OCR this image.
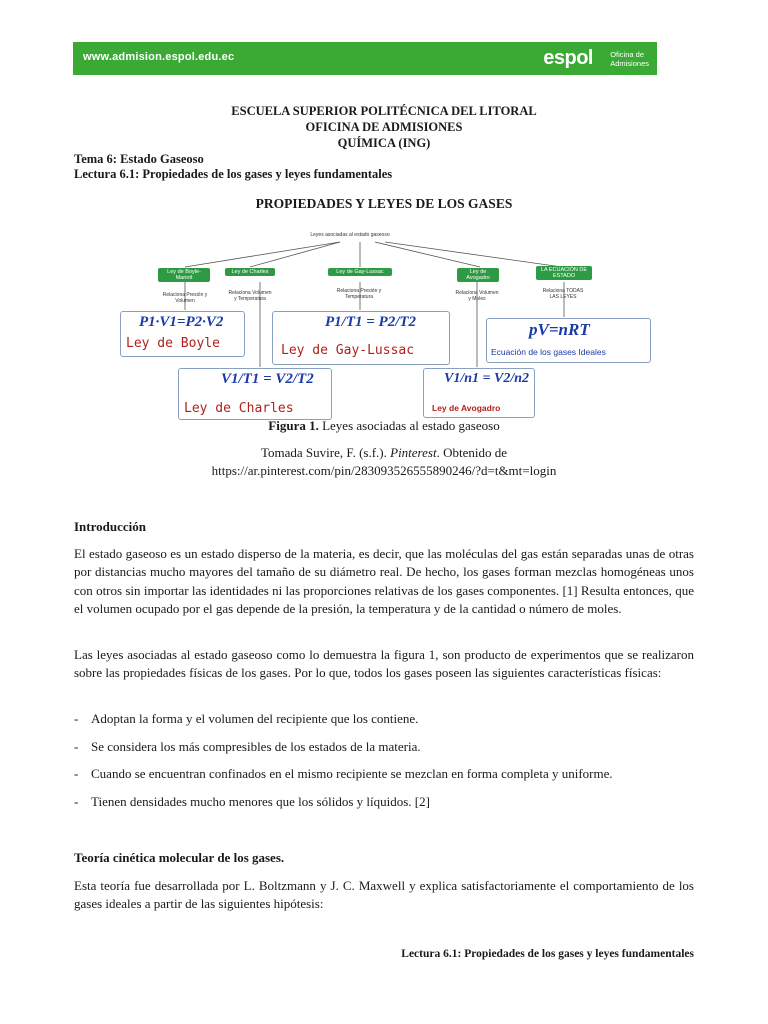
www.admision.espol.edu.ec	espol Oficina de
Admisiones
ESCUELA SUPERIOR POLITÉCNICA DEL LITORAL
OFICINA DE ADMISIONES
QUÍMICA (ING)
Tema 6: Estado Gaseoso
Lectura 6.1: Propiedades de los gases y leyes fundamentales
PROPIEDADES Y LEYES DE LOS GASES
Leyes asociadas al estado gaseoso
Ley de Boyle-Mariott
Ley de Charles	Ley de Gay-Lussac	Ley de Avogadro
LA ECUACIÓN DE ESTADO
Relaciona Presión y Volumen
Relaciona Volumen y Temperatura
Relaciona Presión y Temperatura
Relaciona Volumen y Moles
Relaciona TODAS LAS LEYES
P1·V1=P2·V2
Ley de Boyle
P1/T1 = P2/T2
Ley de Gay-Lussac
pV=nRT
Ecuación de los gases Ideales
V1/T1 = V2/T2
Ley de Charles
V1/n1 = V2/n2
Ley de Avogadro
Figura 1. Leyes asociadas al estado gaseoso
Tomada Suvire, F. (s.f.). Pinterest. Obtenido de
https://ar.pinterest.com/pin/283093526555890246/?d=t&mt=login
Introducción
El estado gaseoso es un estado disperso de la materia, es decir, que las moléculas del gas están separadas unas de otras por distancias mucho mayores del tamaño de su diámetro real. De hecho, los gases forman mezclas homogéneas unos con otros sin importar las identidades ni las proporciones relativas de los gases componentes. [1] Resulta entonces, que el volumen ocupado por el gas depende de la presión, la temperatura y de la cantidad o número de moles.
Las leyes asociadas al estado gaseoso como lo demuestra la figura 1, son producto de experimentos que se realizaron sobre las propiedades físicas de los gases. Por lo que, todos los gases poseen las siguientes características físicas:
- Adoptan la forma y el volumen del recipiente que los contiene.
- Se considera los más compresibles de los estados de la materia.
- Cuando se encuentran confinados en el mismo recipiente se mezclan en forma completa y uniforme.
- Tienen densidades mucho menores que los sólidos y líquidos. [2]
Teoría cinética molecular de los gases.
Esta teoría fue desarrollada por L. Boltzmann y J. C. Maxwell y explica satisfactoriamente el comportamiento de los gases ideales a partir de las siguientes hipótesis:
Lectura 6.1: Propiedades de los gases y leyes fundamentales
